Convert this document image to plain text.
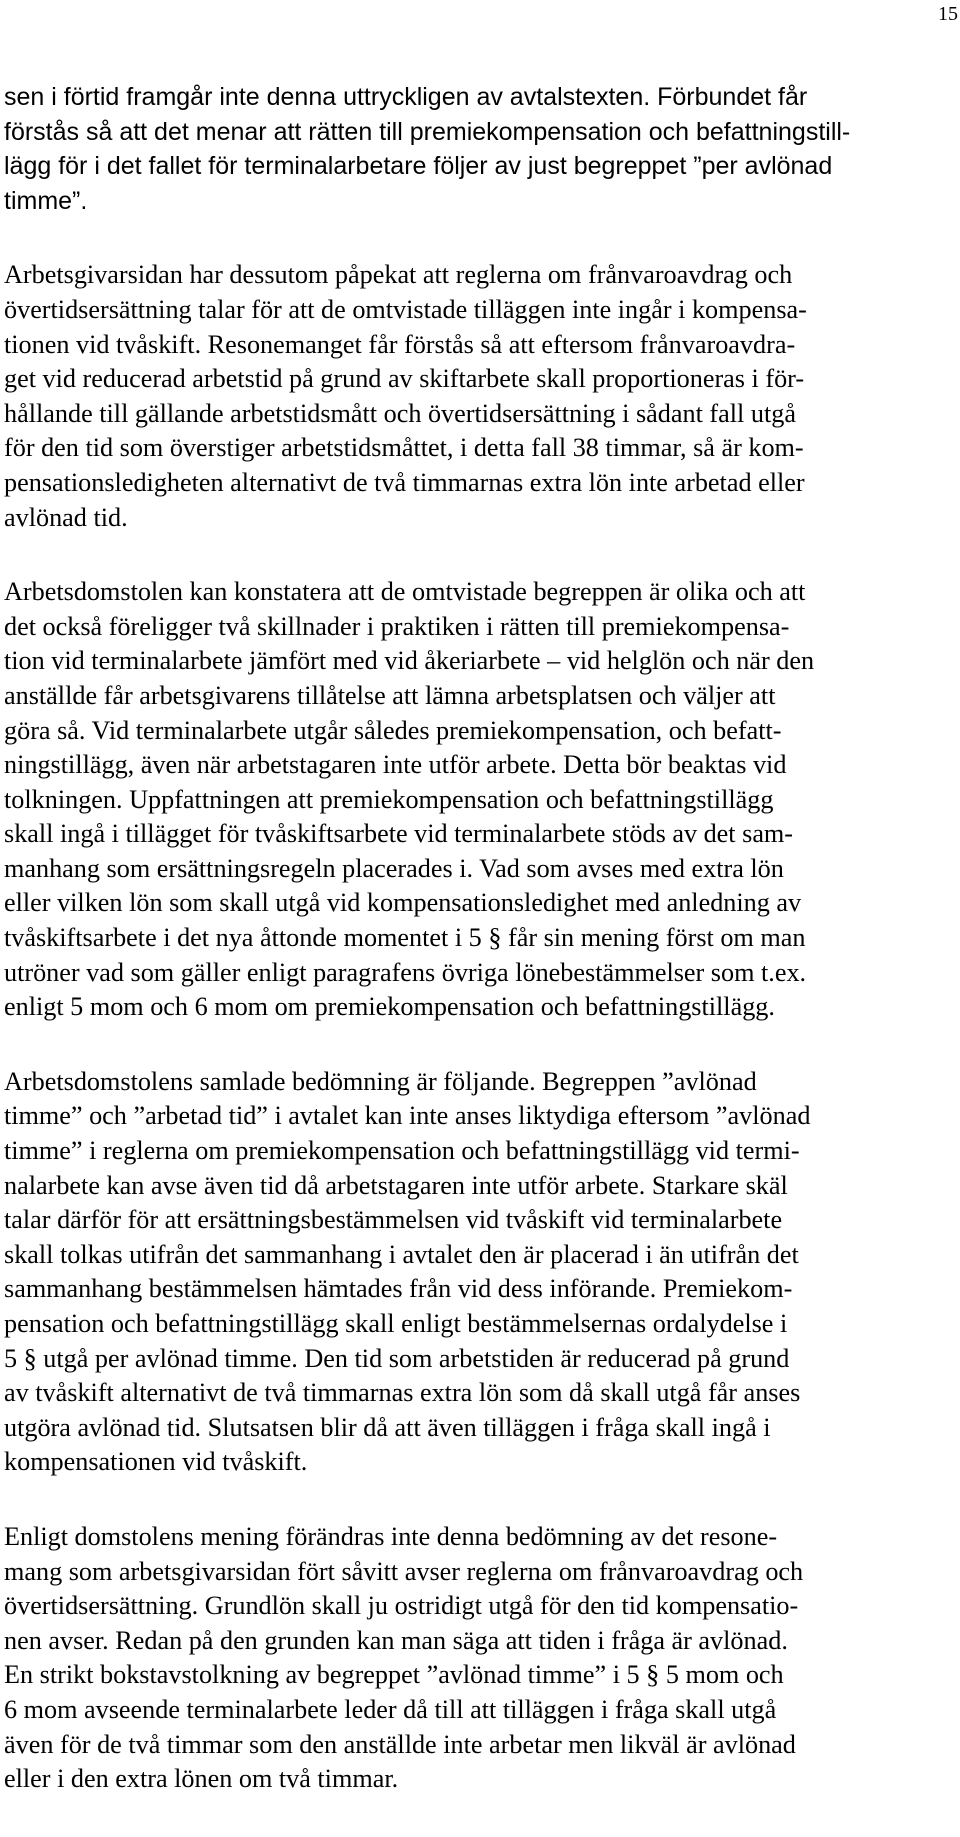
15

sen i förtid framgår inte denna uttryckligen av avtalstexten. Förbundet får
förstås så att det menar att rätten till premiekompensation och befattningstill-
lägg för i det fallet för terminalarbetare följer av just begreppet ”per avlönad
timme”.

Arbetsgivarsidan har dessutom påpekat att reglerna om frånvaroavdrag och
övertidsersättning talar för att de omtvistade tilläggen inte ingår i kompensa-
tionen vid tvåskift. Resonemanget får förstås så att eftersom frånvaroavdra-
get vid reducerad arbetstid på grund av skiftarbete skall proportioneras i för-
hållande till gällande arbetstidsmått och övertidsersättning i sådant fall utgå
för den tid som överstiger arbetstidsmåttet, i detta fall 38 timmar, så är kom-
pensationsledigheten alternativt de två timmarnas extra lön inte arbetad eller
avlönad tid.

Arbetsdomstolen kan konstatera att de omtvistade begreppen är olika och att
det också föreligger två skillnader i praktiken i rätten till premiekompensa-
tion vid terminalarbete jämfört med vid åkeriarbete – vid helglön och när den
anställde får arbetsgivarens tillåtelse att lämna arbetsplatsen och väljer att
göra så. Vid terminalarbete utgår således premiekompensation, och befatt-
ningstillägg, även när arbetstagaren inte utför arbete. Detta bör beaktas vid
tolkningen. Uppfattningen att premiekompensation och befattningstillägg
skall ingå i tillägget för tvåskiftsarbete vid terminalarbete stöds av det sam-
manhang som ersättningsregeln placerades i. Vad som avses med extra lön
eller vilken lön som skall utgå vid kompensationsledighet med anledning av
tvåskiftsarbete i det nya åttonde momentet i 5 § får sin mening först om man
utröner vad som gäller enligt paragrafens övriga lönebestämmelser som t.ex.
enligt 5 mom och 6 mom om premiekompensation och befattningstillägg.

Arbetsdomstolens samlade bedömning är följande. Begreppen ”avlönad
timme” och ”arbetad tid” i avtalet kan inte anses liktydiga eftersom ”avlönad
timme” i reglerna om premiekompensation och befattningstillägg vid termi-
nalarbete kan avse även tid då arbetstagaren inte utför arbete. Starkare skäl
talar därför för att ersättningsbestämmelsen vid tvåskift vid terminalarbete
skall tolkas utifrån det sammanhang i avtalet den är placerad i än utifrån det
sammanhang bestämmelsen hämtades från vid dess införande. Premiekom-
pensation och befattningstillägg skall enligt bestämmelsernas ordalydelse i
5 § utgå per avlönad timme. Den tid som arbetstiden är reducerad på grund
av tvåskift alternativt de två timmarnas extra lön som då skall utgå får anses
utgöra avlönad tid. Slutsatsen blir då att även tilläggen i fråga skall ingå i
kompensationen vid tvåskift.

Enligt domstolens mening förändras inte denna bedömning av det resone-
mang som arbetsgivarsidan fört såvitt avser reglerna om frånvaroavdrag och
övertidsersättning. Grundlön skall ju ostridigt utgå för den tid kompensatio-
nen avser. Redan på den grunden kan man säga att tiden i fråga är avlönad.
En strikt bokstavstolkning av begreppet ”avlönad timme” i 5 § 5 mom och
6 mom avseende terminalarbete leder då till att tilläggen i fråga skall utgå
även för de två timmar som den anställde inte arbetar men likväl är avlönad
eller i den extra lönen om två timmar.
